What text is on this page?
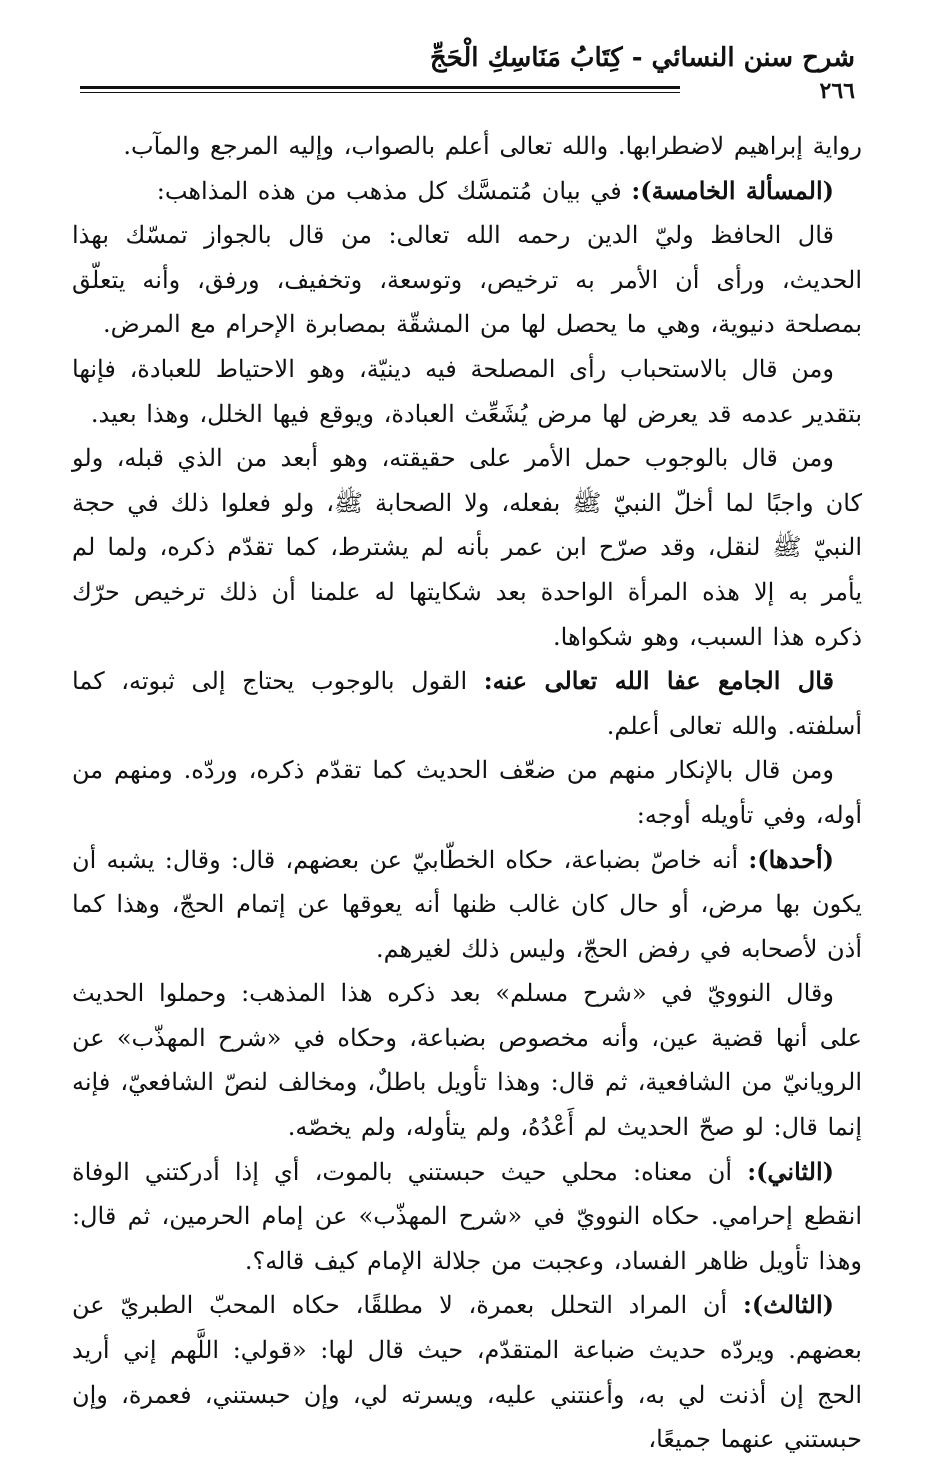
شرح سنن النسائي - كِتَابُ مَنَاسِكِ الْحَجِّ
٢٦٦

رواية إبراهيم لاضطرابها. والله تعالى أعلم بالصواب، وإليه المرجع والمآب.

(المسألة الخامسة): في بيان مُتمسَّك كل مذهب من هذه المذاهب:

قال الحافظ وليّ الدين رحمه الله تعالى: من قال بالجواز تمسّك بهذا الحديث، ورأى أن الأمر به ترخيص، وتوسعة، وتخفيف، ورفق، وأنه يتعلّق بمصلحة دنيوية، وهي ما يحصل لها من المشقّة بمصابرة الإحرام مع المرض.

ومن قال بالاستحباب رأى المصلحة فيه دينيّة، وهو الاحتياط للعبادة، فإنها بتقدير عدمه قد يعرض لها مرض يُشَعِّث العبادة، ويوقع فيها الخلل، وهذا بعيد.

ومن قال بالوجوب حمل الأمر على حقيقته، وهو أبعد من الذي قبله، ولو كان واجبًا لما أخلّ النبيّ ﷺ بفعله، ولا الصحابة ﷺ، ولو فعلوا ذلك في حجة النبيّ ﷺ لنقل، وقد صرّح ابن عمر بأنه لم يشترط، كما تقدّم ذكره، ولما لم يأمر به إلا هذه المرأة الواحدة بعد شكايتها له علمنا أن ذلك ترخيص حرّك ذكره هذا السبب، وهو شكواها.

قال الجامع عفا الله تعالى عنه: القول بالوجوب يحتاج إلى ثبوته، كما أسلفته. والله تعالى أعلم.

ومن قال بالإنكار منهم من ضعّف الحديث كما تقدّم ذكره، وردّه. ومنهم من أوله، وفي تأويله أوجه:

(أحدها): أنه خاصّ بضباعة، حكاه الخطّابيّ عن بعضهم، قال: وقال: يشبه أن يكون بها مرض، أو حال كان غالب ظنها أنه يعوقها عن إتمام الحجّ، وهذا كما أذن لأصحابه في رفض الحجّ، وليس ذلك لغيرهم.

وقال النوويّ في «شرح مسلم» بعد ذكره هذا المذهب: وحملوا الحديث على أنها قضية عين، وأنه مخصوص بضباعة، وحكاه في «شرح المهذّب» عن الرويانيّ من الشافعية، ثم قال: وهذا تأويل باطلٌ، ومخالف لنصّ الشافعيّ، فإنه إنما قال: لو صحّ الحديث لم أَعْدُهُ، ولم يتأوله، ولم يخصّه.

(الثاني): أن معناه: محلي حيث حبستني بالموت، أي إذا أدركتني الوفاة انقطع إحرامي. حكاه النوويّ في «شرح المهذّب» عن إمام الحرمين، ثم قال: وهذا تأويل ظاهر الفساد، وعجبت من جلالة الإمام كيف قاله؟.

(الثالث): أن المراد التحلل بعمرة، لا مطلقًا، حكاه المحبّ الطبريّ عن بعضهم. ويردّه حديث ضباعة المتقدّم، حيث قال لها: «قولي: اللَّهم إني أريد الحج إن أذنت لي به، وأعنتني عليه، ويسرته لي، وإن حبستني، فعمرة، وإن حبستني عنهما جميعًا،
